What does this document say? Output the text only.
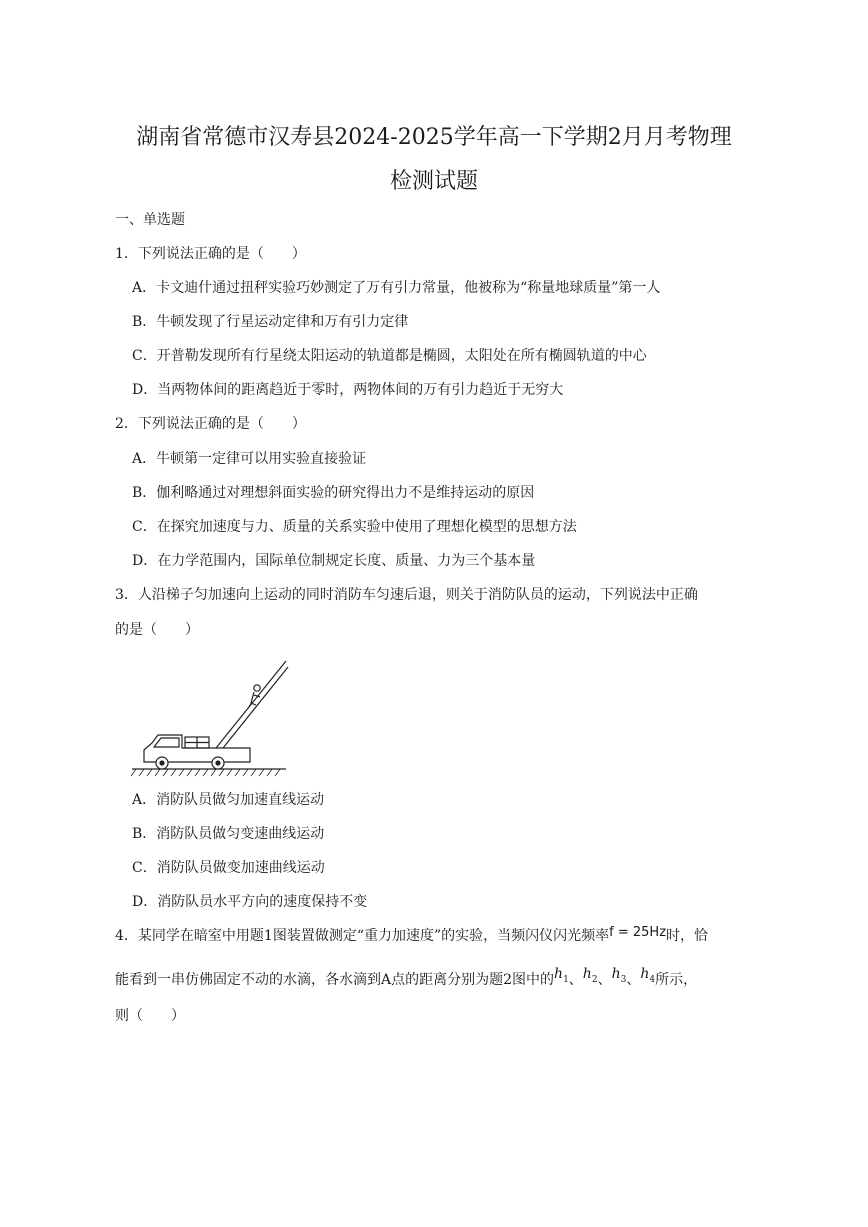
湖南省常德市汉寿县2024-2025学年高一下学期2月月考物理
检测试题
一、单选题
1．下列说法正确的是（　　）
A．卡文迪什通过扭秤实验巧妙测定了万有引力常量，他被称为“称量地球质量”第一人
B．牛顿发现了行星运动定律和万有引力定律
C．开普勒发现所有行星绕太阳运动的轨道都是椭圆，太阳处在所有椭圆轨道的中心
D．当两物体间的距离趋近于零时，两物体间的万有引力趋近于无穷大
2．下列说法正确的是（　　）
A．牛顿第一定律可以用实验直接验证
B．伽利略通过对理想斜面实验的研究得出力不是维持运动的原因
C．在探究加速度与力、质量的关系实验中使用了理想化模型的思想方法
D．在力学范围内，国际单位制规定长度、质量、力为三个基本量
3．人沿梯子匀加速向上运动的同时消防车匀速后退，则关于消防队员的运动，下列说法中正确
的是（　　）
A．消防队员做匀加速直线运动
B．消防队员做匀变速曲线运动
C．消防队员做变加速曲线运动
D．消防队员水平方向的速度保持不变
4．某同学在暗室中用题1图装置做测定“重力加速度”的实验，当频闪仪闪光频率f = 25Hz时，恰
能看到一串仿佛固定不动的水滴，各水滴到A点的距离分别为题2图中的$h_1$、$h_2$、$h_3$、$h_4$所示，
则（　　）
